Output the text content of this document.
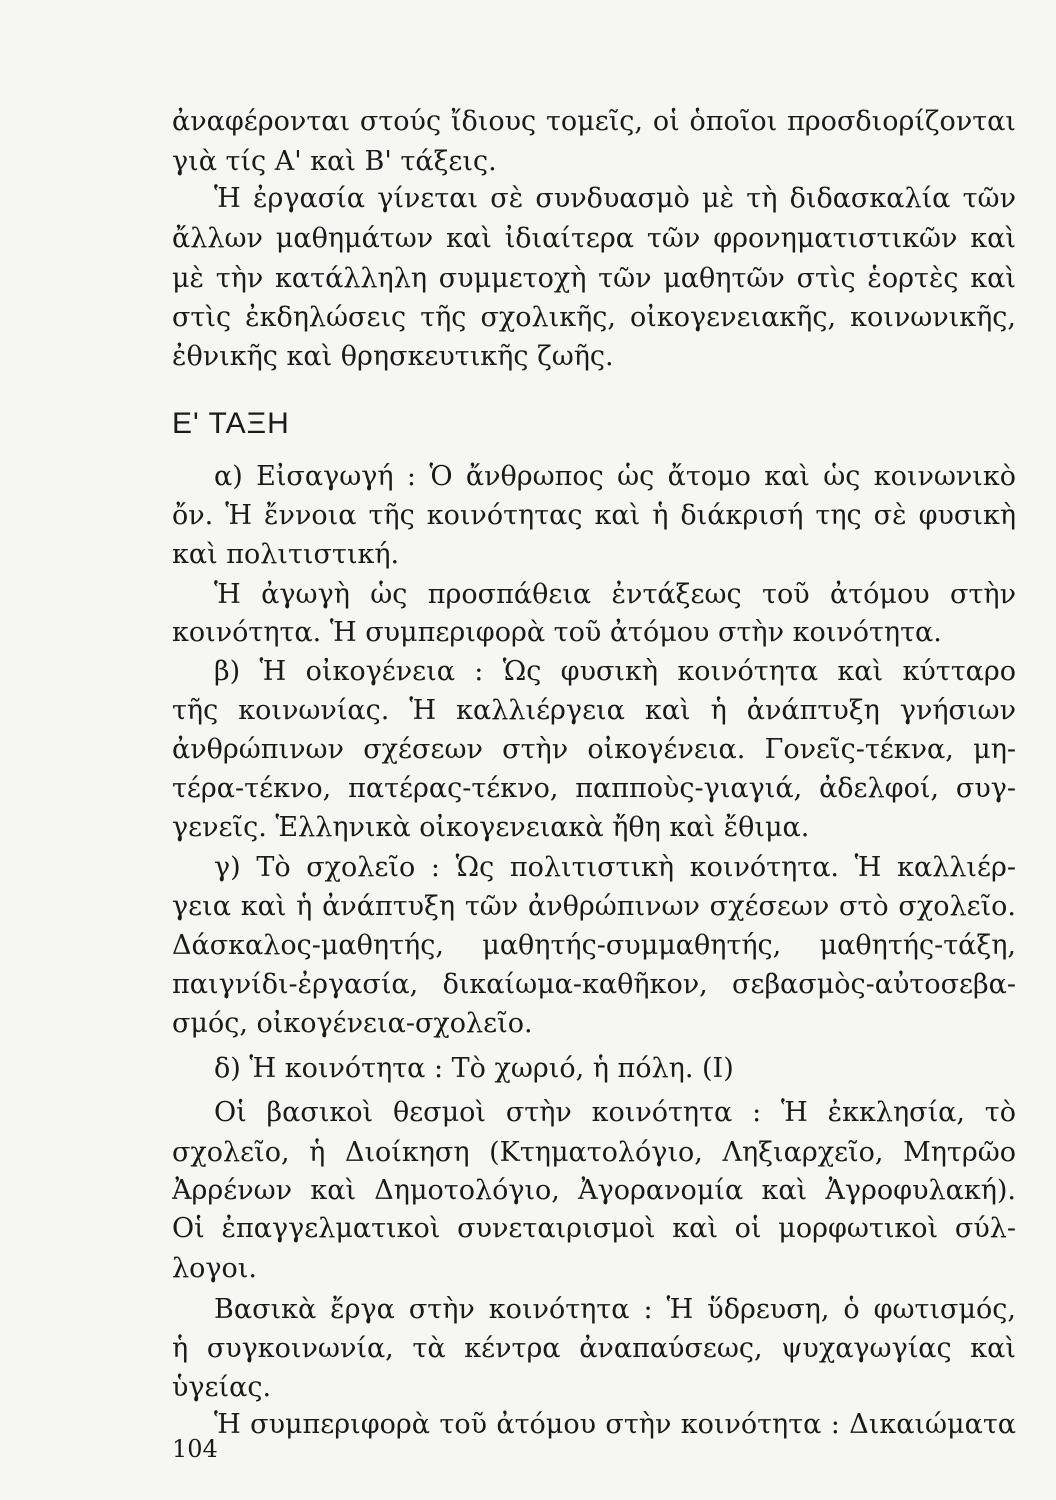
ἀναφέρονται στούς ἴδιους τομεῖς, οἱ ὁποῖοι προσδιορίζονται
γιὰ τίς Α' καὶ Β' τάξεις.
Ἡ ἐργασία γίνεται σὲ συνδυασμὸ μὲ τὴ διδασκαλία τῶν
ἄλλων μαθημάτων καὶ ἰδιαίτερα τῶν φρονηματιστικῶν καὶ
μὲ τὴν κατάλληλη συμμετοχὴ τῶν μαθητῶν στὶς ἑορτὲς καὶ
στὶς ἐκδηλώσεις τῆς σχολικῆς, οἰκογενειακῆς, κοινωνικῆς,
ἐθνικῆς καὶ θρησκευτικῆς ζωῆς.
Ε' ΤΑΞΗ
α) Εἰσαγωγή : Ὁ ἄνθρωπος ὡς ἄτομο καὶ ὡς κοινωνικὸ
ὄν. Ἡ ἔννοια τῆς κοινότητας καὶ ἡ διάκρισή της σὲ φυσικὴ
καὶ πολιτιστική.
Ἡ ἀγωγὴ ὡς προσπάθεια ἐντάξεως τοῦ ἀτόμου στὴν
κοινότητα. Ἡ συμπεριφορὰ τοῦ ἀτόμου στὴν κοινότητα.
β) Ἡ οἰκογένεια : Ὡς φυσικὴ κοινότητα καὶ κύτταρο
τῆς κοινωνίας. Ἡ καλλιέργεια καὶ ἡ ἀνάπτυξη γνήσιων
ἀνθρώπινων σχέσεων στὴν οἰκογένεια. Γονεῖς-τέκνα, μη-
τέρα-τέκνο, πατέρας-τέκνο, παπποὺς-γιαγιά, ἀδελφοί, συγ-
γενεῖς. Ἑλληνικὰ οἰκογενειακὰ ἤθη καὶ ἔθιμα.
γ) Τὸ σχολεῖο : Ὡς πολιτιστικὴ κοινότητα. Ἡ καλλιέρ-
γεια καὶ ἡ ἀνάπτυξη τῶν ἀνθρώπινων σχέσεων στὸ σχολεῖο.
Δάσκαλος-μαθητής, μαθητής-συμμαθητής, μαθητής-τάξη,
παιγνίδι-ἐργασία, δικαίωμα-καθῆκον, σεβασμὸς-αὐτοσεβα-
σμός, οἰκογένεια-σχολεῖο.
δ) Ἡ κοινότητα : Τὸ χωριό, ἡ πόλη. (Ι)
Οἱ βασικοὶ θεσμοὶ στὴν κοινότητα : Ἡ ἐκκλησία, τὸ
σχολεῖο, ἡ Διοίκηση (Κτηματολόγιο, Ληξιαρχεῖο, Μητρῶο
Ἀρρένων καὶ Δημοτολόγιο, Ἀγορανομία καὶ Ἀγροφυλακή).
Οἱ ἐπαγγελματικοὶ συνεταιρισμοὶ καὶ οἱ μορφωτικοὶ σύλ-
λογοι.
Βασικὰ ἔργα στὴν κοινότητα : Ἡ ὕδρευση, ὁ φωτισμός,
ἡ συγκοινωνία, τὰ κέντρα ἀναπαύσεως, ψυχαγωγίας καὶ
ὑγείας.
Ἡ συμπεριφορὰ τοῦ ἀτόμου στὴν κοινότητα : Δικαιώματα
104
